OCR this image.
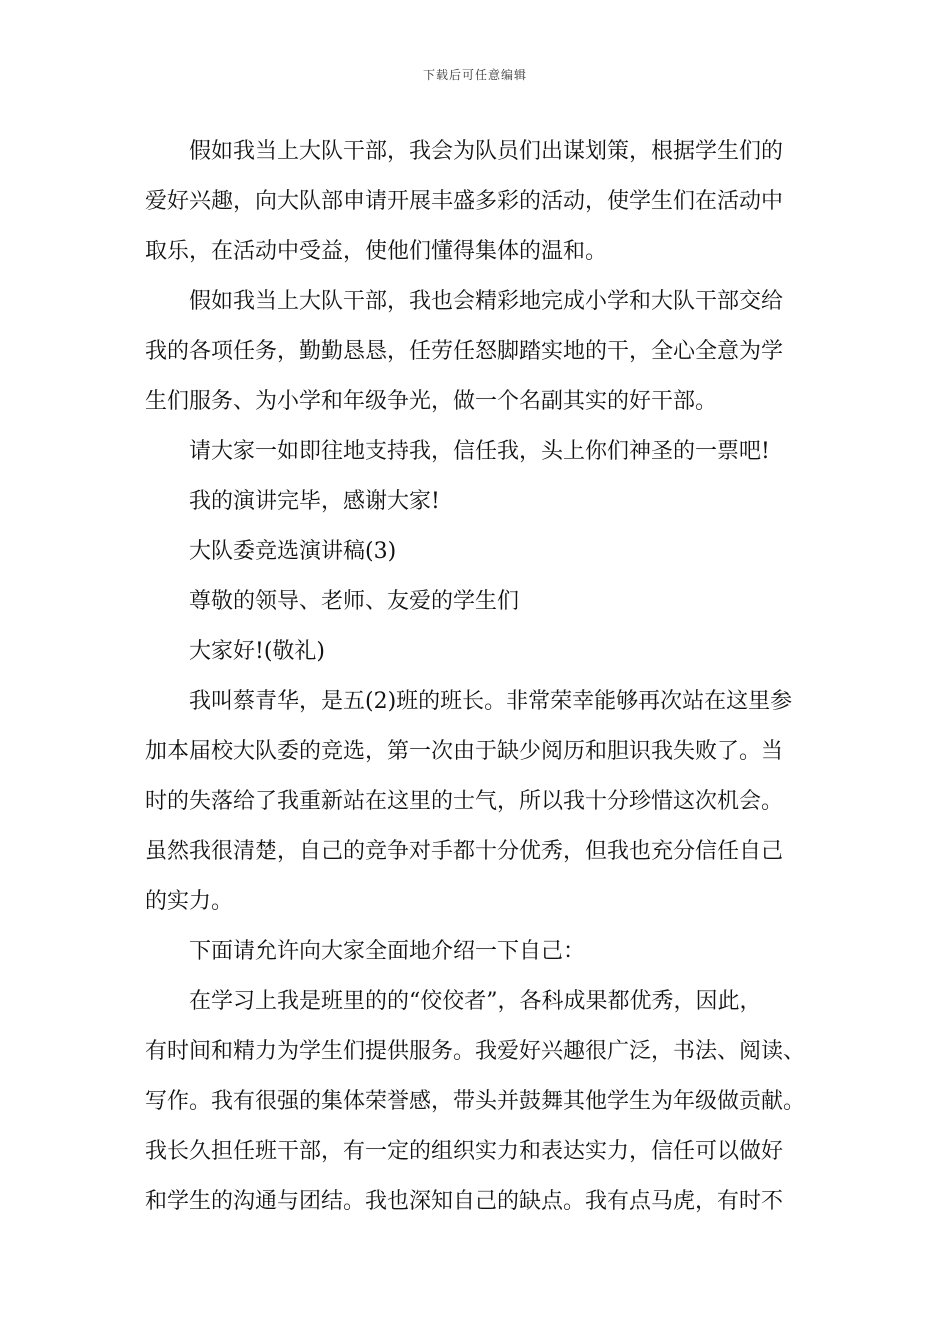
下载后可任意编辑

假如我当上大队干部，我会为队员们出谋划策，根据学生们的
爱好兴趣，向大队部申请开展丰盛多彩的活动，使学生们在活动中
取乐，在活动中受益，使他们懂得集体的温和。

假如我当上大队干部，我也会精彩地完成小学和大队干部交给
我的各项任务，勤勤恳恳，任劳任怒脚踏实地的干，全心全意为学
生们服务、为小学和年级争光，做一个名副其实的好干部。

请大家一如即往地支持我，信任我，头上你们神圣的一票吧!

我的演讲完毕，感谢大家!

大队委竞选演讲稿(3)

尊敬的领导、老师、友爱的学生们

大家好!(敬礼)

我叫蔡青华，是五(2)班的班长。非常荣幸能够再次站在这里参
加本届校大队委的竞选，第一次由于缺少阅历和胆识我失败了。当
时的失落给了我重新站在这里的士气，所以我十分珍惜这次机会。
虽然我很清楚，自己的竞争对手都十分优秀，但我也充分信任自己
的实力。

下面请允许向大家全面地介绍一下自己：

在学习上我是班里的的“佼佼者”，各科成果都优秀，因此，
有时间和精力为学生们提供服务。我爱好兴趣很广泛，书法、阅读、
写作。我有很强的集体荣誉感，带头并鼓舞其他学生为年级做贡献。
我长久担任班干部，有一定的组织实力和表达实力，信任可以做好
和学生的沟通与团结。我也深知自己的缺点。我有点马虎，有时不
